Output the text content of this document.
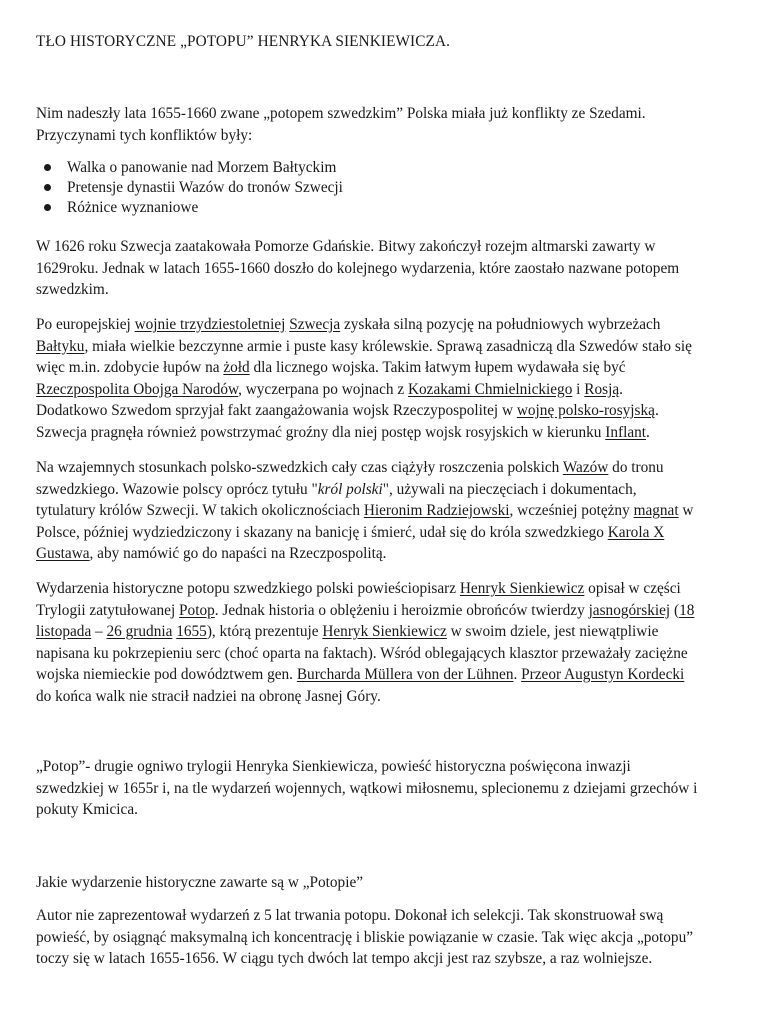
TŁO HISTORYCZNE „POTOPU” HENRYKA SIENKIEWICZA.

Nim nadeszły lata 1655-1660 zwane „potopem szwedzkim” Polska miała już konflikty ze Szedami.
Przyczynami tych konfliktów były:

Walka o panowanie nad Morzem Bałtyckim
Pretensje dynastii Wazów do tronów Szwecji
Różnice wyznaniowe

W 1626 roku Szwecja zaatakowała Pomorze Gdańskie. Bitwy zakończył rozejm altmarski zawarty w
1629roku. Jednak w latach 1655-1660 doszło do kolejnego wydarzenia, które zaostało nazwane potopem
szwedzkim.

Po europejskiej wojnie trzydziestoletniej Szwecja zyskała silną pozycję na południowych wybrzeżach
Bałtyku, miała wielkie bezczynne armie i puste kasy królewskie. Sprawą zasadniczą dla Szwedów stało się
więc m.in. zdobycie łupów na żołd dla licznego wojska. Takim łatwym łupem wydawała się być
Rzeczpospolita Obojga Narodów, wyczerpana po wojnach z Kozakami Chmielnickiego i Rosją.
Dodatkowo Szwedom sprzyjał fakt zaangażowania wojsk Rzeczypospolitej w wojnę polsko-rosyjską.
Szwecja pragnęła również powstrzymać groźny dla niej postęp wojsk rosyjskich w kierunku Inflant.

Na wzajemnych stosunkach polsko-szwedzkich cały czas ciążyły roszczenia polskich Wazów do tronu
szwedzkiego. Wazowie polscy oprócz tytułu "król polski", używali na pieczęciach i dokumentach,
tytulatury królów Szwecji. W takich okolicznościach Hieronim Radziejowski, wcześniej potężny magnat w
Polsce, później wydziedziczony i skazany na banicję i śmierć, udał się do króla szwedzkiego Karola X
Gustawa, aby namówić go do napaści na Rzeczpospolitą.

Wydarzenia historyczne potopu szwedzkiego polski powieściopisarz Henryk Sienkiewicz opisał w części
Trylogii zatytułowanej Potop. Jednak historia o oblężeniu i heroizmie obrońców twierdzy jasnogórskiej (18
listopada – 26 grudnia 1655), którą prezentuje Henryk Sienkiewicz w swoim dziele, jest niewątpliwie
napisana ku pokrzepieniu serc (choć oparta na faktach). Wśród oblegających klasztor przeważały zaciężne
wojska niemieckie pod dowództwem gen. Burcharda Müllera von der Lühnen. Przeor Augustyn Kordecki
do końca walk nie stracił nadziei na obronę Jasnej Góry.

„Potop”- drugie ogniwo trylogii Henryka Sienkiewicza, powieść historyczna poświęcona inwazji
szwedzkiej w 1655r i, na tle wydarzeń wojennych, wątkowi miłosnemu, splecionemu z dziejami grzechów i
pokuty Kmicica.

Jakie wydarzenie historyczne zawarte są w „Potopie”

Autor nie zaprezentował wydarzeń z 5 lat trwania potopu. Dokonał ich selekcji. Tak skonstruował swą
powieść, by osiągnąć maksymalną ich koncentrację i bliskie powiązanie w czasie. Tak więc akcja „potopu”
toczy się w latach 1655-1656. W ciągu tych dwóch lat tempo akcji jest raz szybsze, a raz wolniejsze.
